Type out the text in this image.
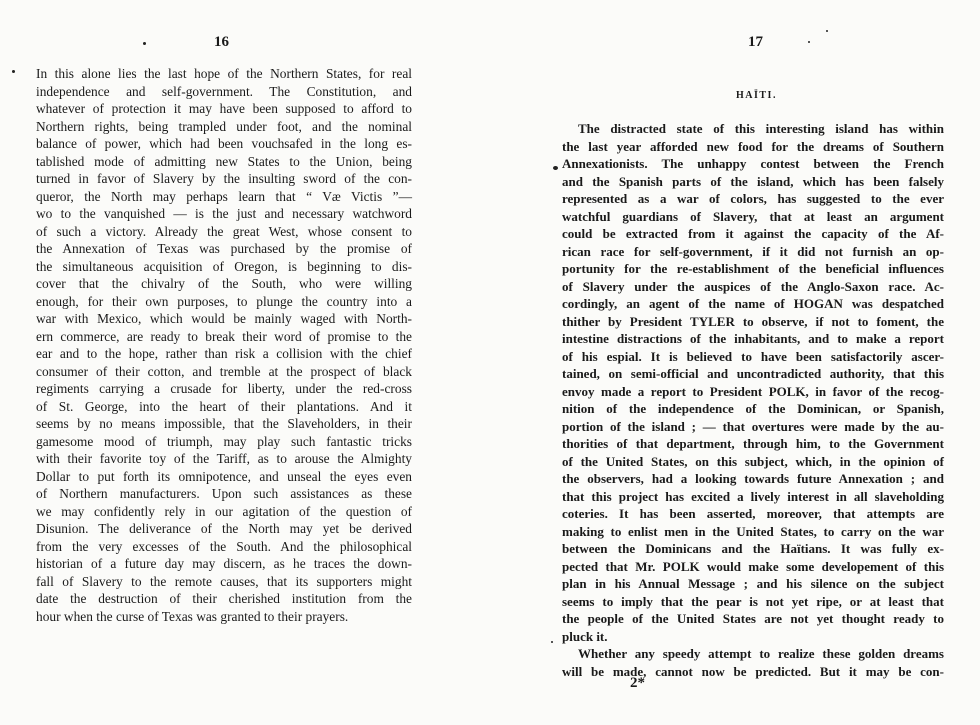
16
In this alone lies the last hope of the Northern States, for real
independence and self-government. The Constitution, and
whatever of protection it may have been supposed to afford to
Northern rights, being trampled under foot, and the nominal
balance of power, which had been vouchsafed in the long es-
tablished mode of admitting new States to the Union, being
turned in favor of Slavery by the insulting sword of the con-
queror, the North may perhaps learn that “ Væ Victis ”—
wo to the vanquished — is the just and necessary watchword
of such a victory. Already the great West, whose consent to
the Annexation of Texas was purchased by the promise of
the simultaneous acquisition of Oregon, is beginning to dis-
cover that the chivalry of the South, who were willing
enough, for their own purposes, to plunge the country into a
war with Mexico, which would be mainly waged with North-
ern commerce, are ready to break their word of promise to the
ear and to the hope, rather than risk a collision with the chief
consumer of their cotton, and tremble at the prospect of black
regiments carrying a crusade for liberty, under the red-cross
of St. George, into the heart of their plantations. And it
seems by no means impossible, that the Slaveholders, in their
gamesome mood of triumph, may play such fantastic tricks
with their favorite toy of the Tariff, as to arouse the Almighty
Dollar to put forth its omnipotence, and unseal the eyes even
of Northern manufacturers. Upon such assistances as these
we may confidently rely in our agitation of the question of
Disunion. The deliverance of the North may yet be derived
from the very excesses of the South. And the philosophical
historian of a future day may discern, as he traces the down-
fall of Slavery to the remote causes, that its supporters might
date the destruction of their cherished institution from the
hour when the curse of Texas was granted to their prayers.
17
HAÏTI.
The distracted state of this interesting island has within
the last year afforded new food for the dreams of Southern
Annexationists. The unhappy contest between the French
and the Spanish parts of the island, which has been falsely
represented as a war of colors, has suggested to the ever
watchful guardians of Slavery, that at least an argument
could be extracted from it against the capacity of the Af-
rican race for self-government, if it did not furnish an op-
portunity for the re-establishment of the beneficial influences
of Slavery under the auspices of the Anglo-Saxon race. Ac-
cordingly, an agent of the name of HOGAN was despatched
thither by President TYLER to observe, if not to foment, the
intestine distractions of the inhabitants, and to make a report
of his espial. It is believed to have been satisfactorily ascer-
tained, on semi-official and uncontradicted authority, that this
envoy made a report to President POLK, in favor of the recog-
nition of the independence of the Dominican, or Spanish,
portion of the island ; — that overtures were made by the au-
thorities of that department, through him, to the Government
of the United States, on this subject, which, in the opinion of
the observers, had a looking towards future Annexation ; and
that this project has excited a lively interest in all slaveholding
coteries. It has been asserted, moreover, that attempts are
making to enlist men in the United States, to carry on the war
between the Dominicans and the Haïtians. It was fully ex-
pected that Mr. POLK would make some developement of this
plan in his Annual Message ; and his silence on the subject
seems to imply that the pear is not yet ripe, or at least that
the people of the United States are not yet thought ready to
pluck it.
Whether any speedy attempt to realize these golden dreams
will be made, cannot now be predicted. But it may be con-
2*
